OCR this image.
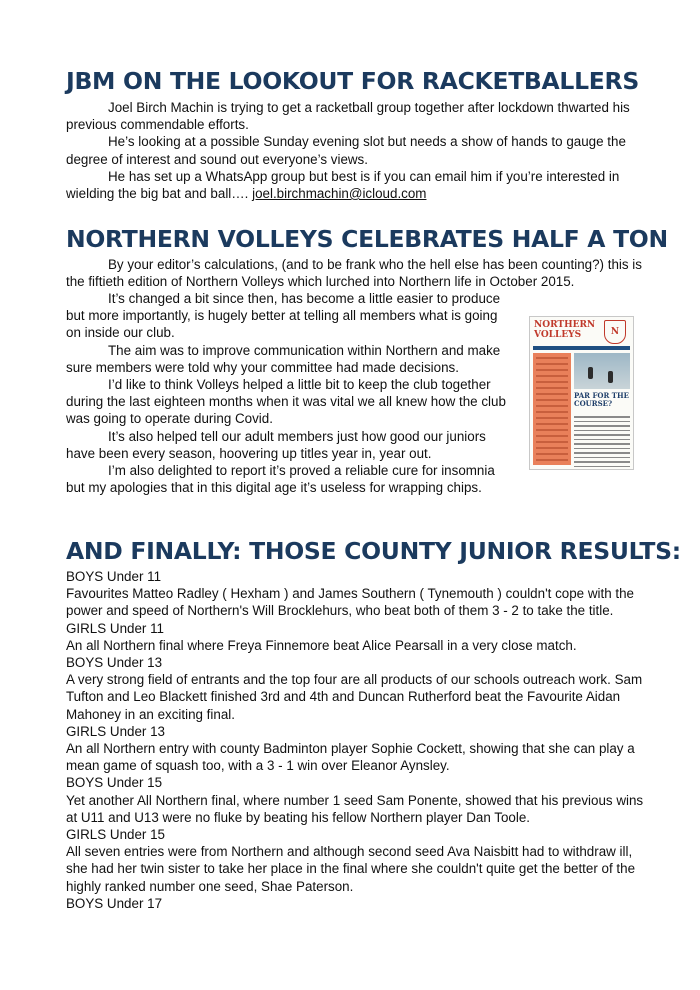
JBM ON THE LOOKOUT FOR RACKETBALLERS

Joel Birch Machin is trying to get a racketball group together after lockdown thwarted his previous commendable efforts.

He’s looking at a possible Sunday evening slot but needs a show of hands to gauge the degree of interest and sound out everyone’s views.

He has set up a WhatsApp group but best is if you can email him if you’re interested in wielding the big bat and ball…. joel.birchmachin@icloud.com

NORTHERN VOLLEYS CELEBRATES HALF A TON

By your editor’s calculations, (and to be frank who the hell else has been counting?) this is the fiftieth edition of Northern Volleys which lurched into Northern life in October 2015.

It’s changed a bit since then, has become a little easier to produce but more importantly, is hugely better at telling all members what is going on inside our club.

The aim was to improve communication within Northern and make sure members were told why your committee had made decisions.

I’d like to think Volleys helped a little bit to keep the club together during the last eighteen months when it was vital we all knew how the club was going to operate during Covid.

It’s also helped tell our adult members just how good our juniors have been every season, hoovering up titles year in, year out.

I’m also delighted to report it’s proved a reliable cure for insomnia but my apologies that in this digital age it’s useless for wrapping chips.

NORTHERN
VOLLEYS	N
PAR FOR THE
COURSE?
AND FINALLY: THOSE COUNTY JUNIOR RESULTS:

BOYS Under 11

Favourites Matteo Radley ( Hexham ) and James Southern ( Tynemouth ) couldn't cope with the power and speed of Northern's Will Brocklehurs, who beat both of them 3 - 2 to take the title.

GIRLS Under 11

An all Northern final where Freya Finnemore beat Alice Pearsall in a very close match.

BOYS Under 13

A very strong field of entrants and the top four are all products of our schools outreach work. Sam Tufton and Leo Blackett finished 3rd and 4th and Duncan Rutherford beat the Favourite Aidan Mahoney in an exciting final.

GIRLS Under 13

An all Northern entry with county Badminton player Sophie Cockett, showing that she can play a mean game of squash too, with a 3 - 1 win over Eleanor Aynsley.

BOYS Under 15

Yet another All Northern final, where number 1 seed Sam Ponente, showed that his previous wins at U11 and U13 were no fluke by beating his fellow Northern player Dan Toole.

GIRLS Under 15

All seven entries were from Northern and although second seed Ava Naisbitt had to withdraw ill, she had her twin sister to take her place in the final where she couldn't quite get the better of the highly ranked number one seed, Shae Paterson.

BOYS Under 17
